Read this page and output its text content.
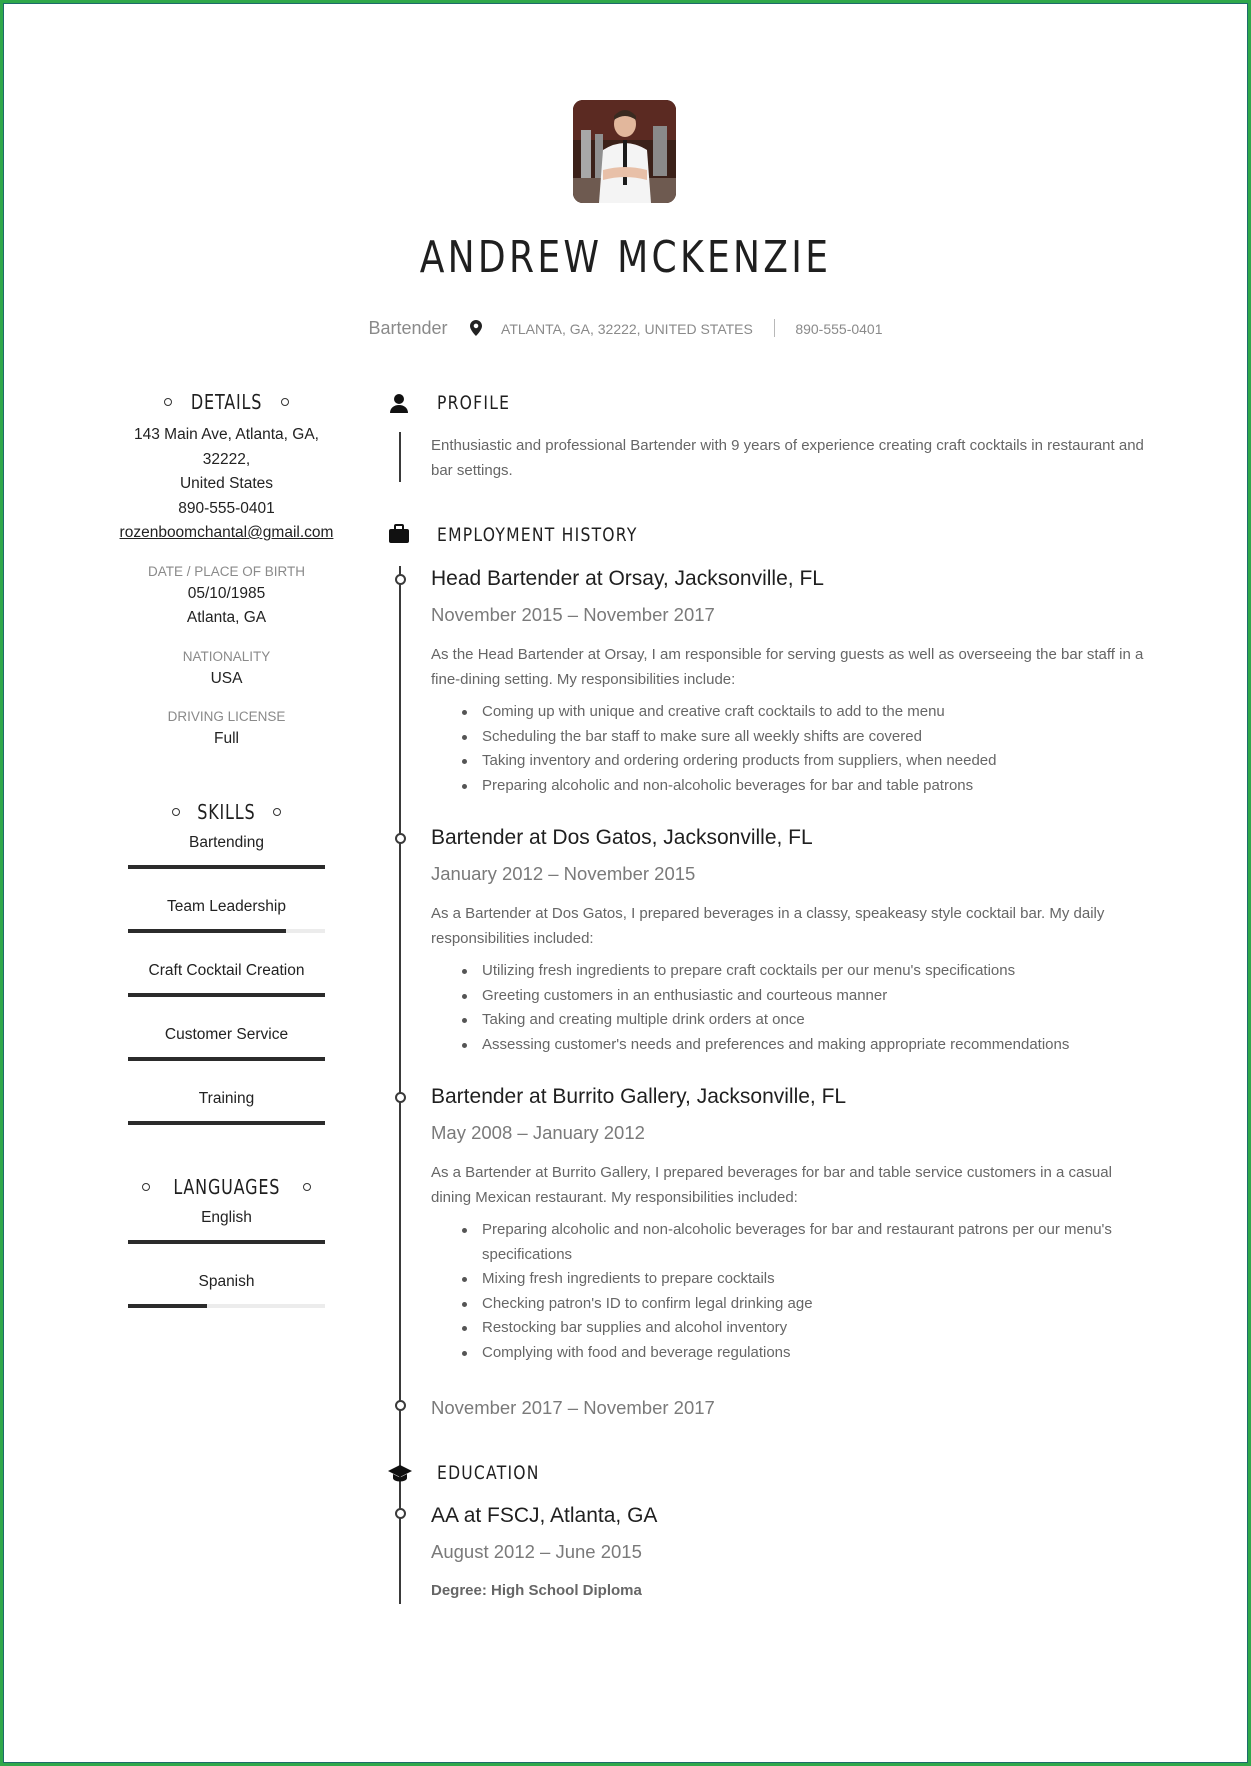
ANDREW MCKENZIE
Bartender	ATLANTA, GA, 32222, UNITED STATES	890-555-0401
DETAILS
143 Main Ave, Atlanta, GA, 32222,
United States
890-555-0401
rozenboomchantal@gmail.com
DATE / PLACE OF BIRTH
05/10/1985
Atlanta, GA
NATIONALITY
USA
DRIVING LICENSE
Full
SKILLS
Bartending
Team Leadership
Craft Cocktail Creation
Customer Service
Training
LANGUAGES
English
Spanish
PROFILE
Enthusiastic and professional Bartender with 9 years of experience creating craft cocktails in restaurant and bar settings.
EMPLOYMENT HISTORY
Head Bartender at Orsay, Jacksonville, FL
November 2015 – November 2017
As the Head Bartender at Orsay, I am responsible for serving guests as well as overseeing the bar staff in a fine-dining setting. My responsibilities include:
Coming up with unique and creative craft cocktails to add to the menu
Scheduling the bar staff to make sure all weekly shifts are covered
Taking inventory and ordering ordering products from suppliers, when needed
Preparing alcoholic and non-alcoholic beverages for bar and table patrons
Bartender at Dos Gatos, Jacksonville, FL
January 2012 – November 2015
As a Bartender at Dos Gatos, I prepared beverages in a classy, speakeasy style cocktail bar. My daily responsibilities included:
Utilizing fresh ingredients to prepare craft cocktails per our menu's specifications
Greeting customers in an enthusiastic and courteous manner
Taking and creating multiple drink orders at once
Assessing customer's needs and preferences and making appropriate recommendations
Bartender at Burrito Gallery, Jacksonville, FL
May 2008 – January 2012
As a Bartender at Burrito Gallery, I prepared beverages for bar and table service customers in a casual dining Mexican restaurant. My responsibilities included:
Preparing alcoholic and non-alcoholic beverages for bar and restaurant patrons per our menu's specifications
Mixing fresh ingredients to prepare cocktails
Checking patron's ID to confirm legal drinking age
Restocking bar supplies and alcohol inventory
Complying with food and beverage regulations
November 2017 – November 2017
EDUCATION
AA at FSCJ, Atlanta, GA
August 2012 – June 2015
Degree: High School Diploma
